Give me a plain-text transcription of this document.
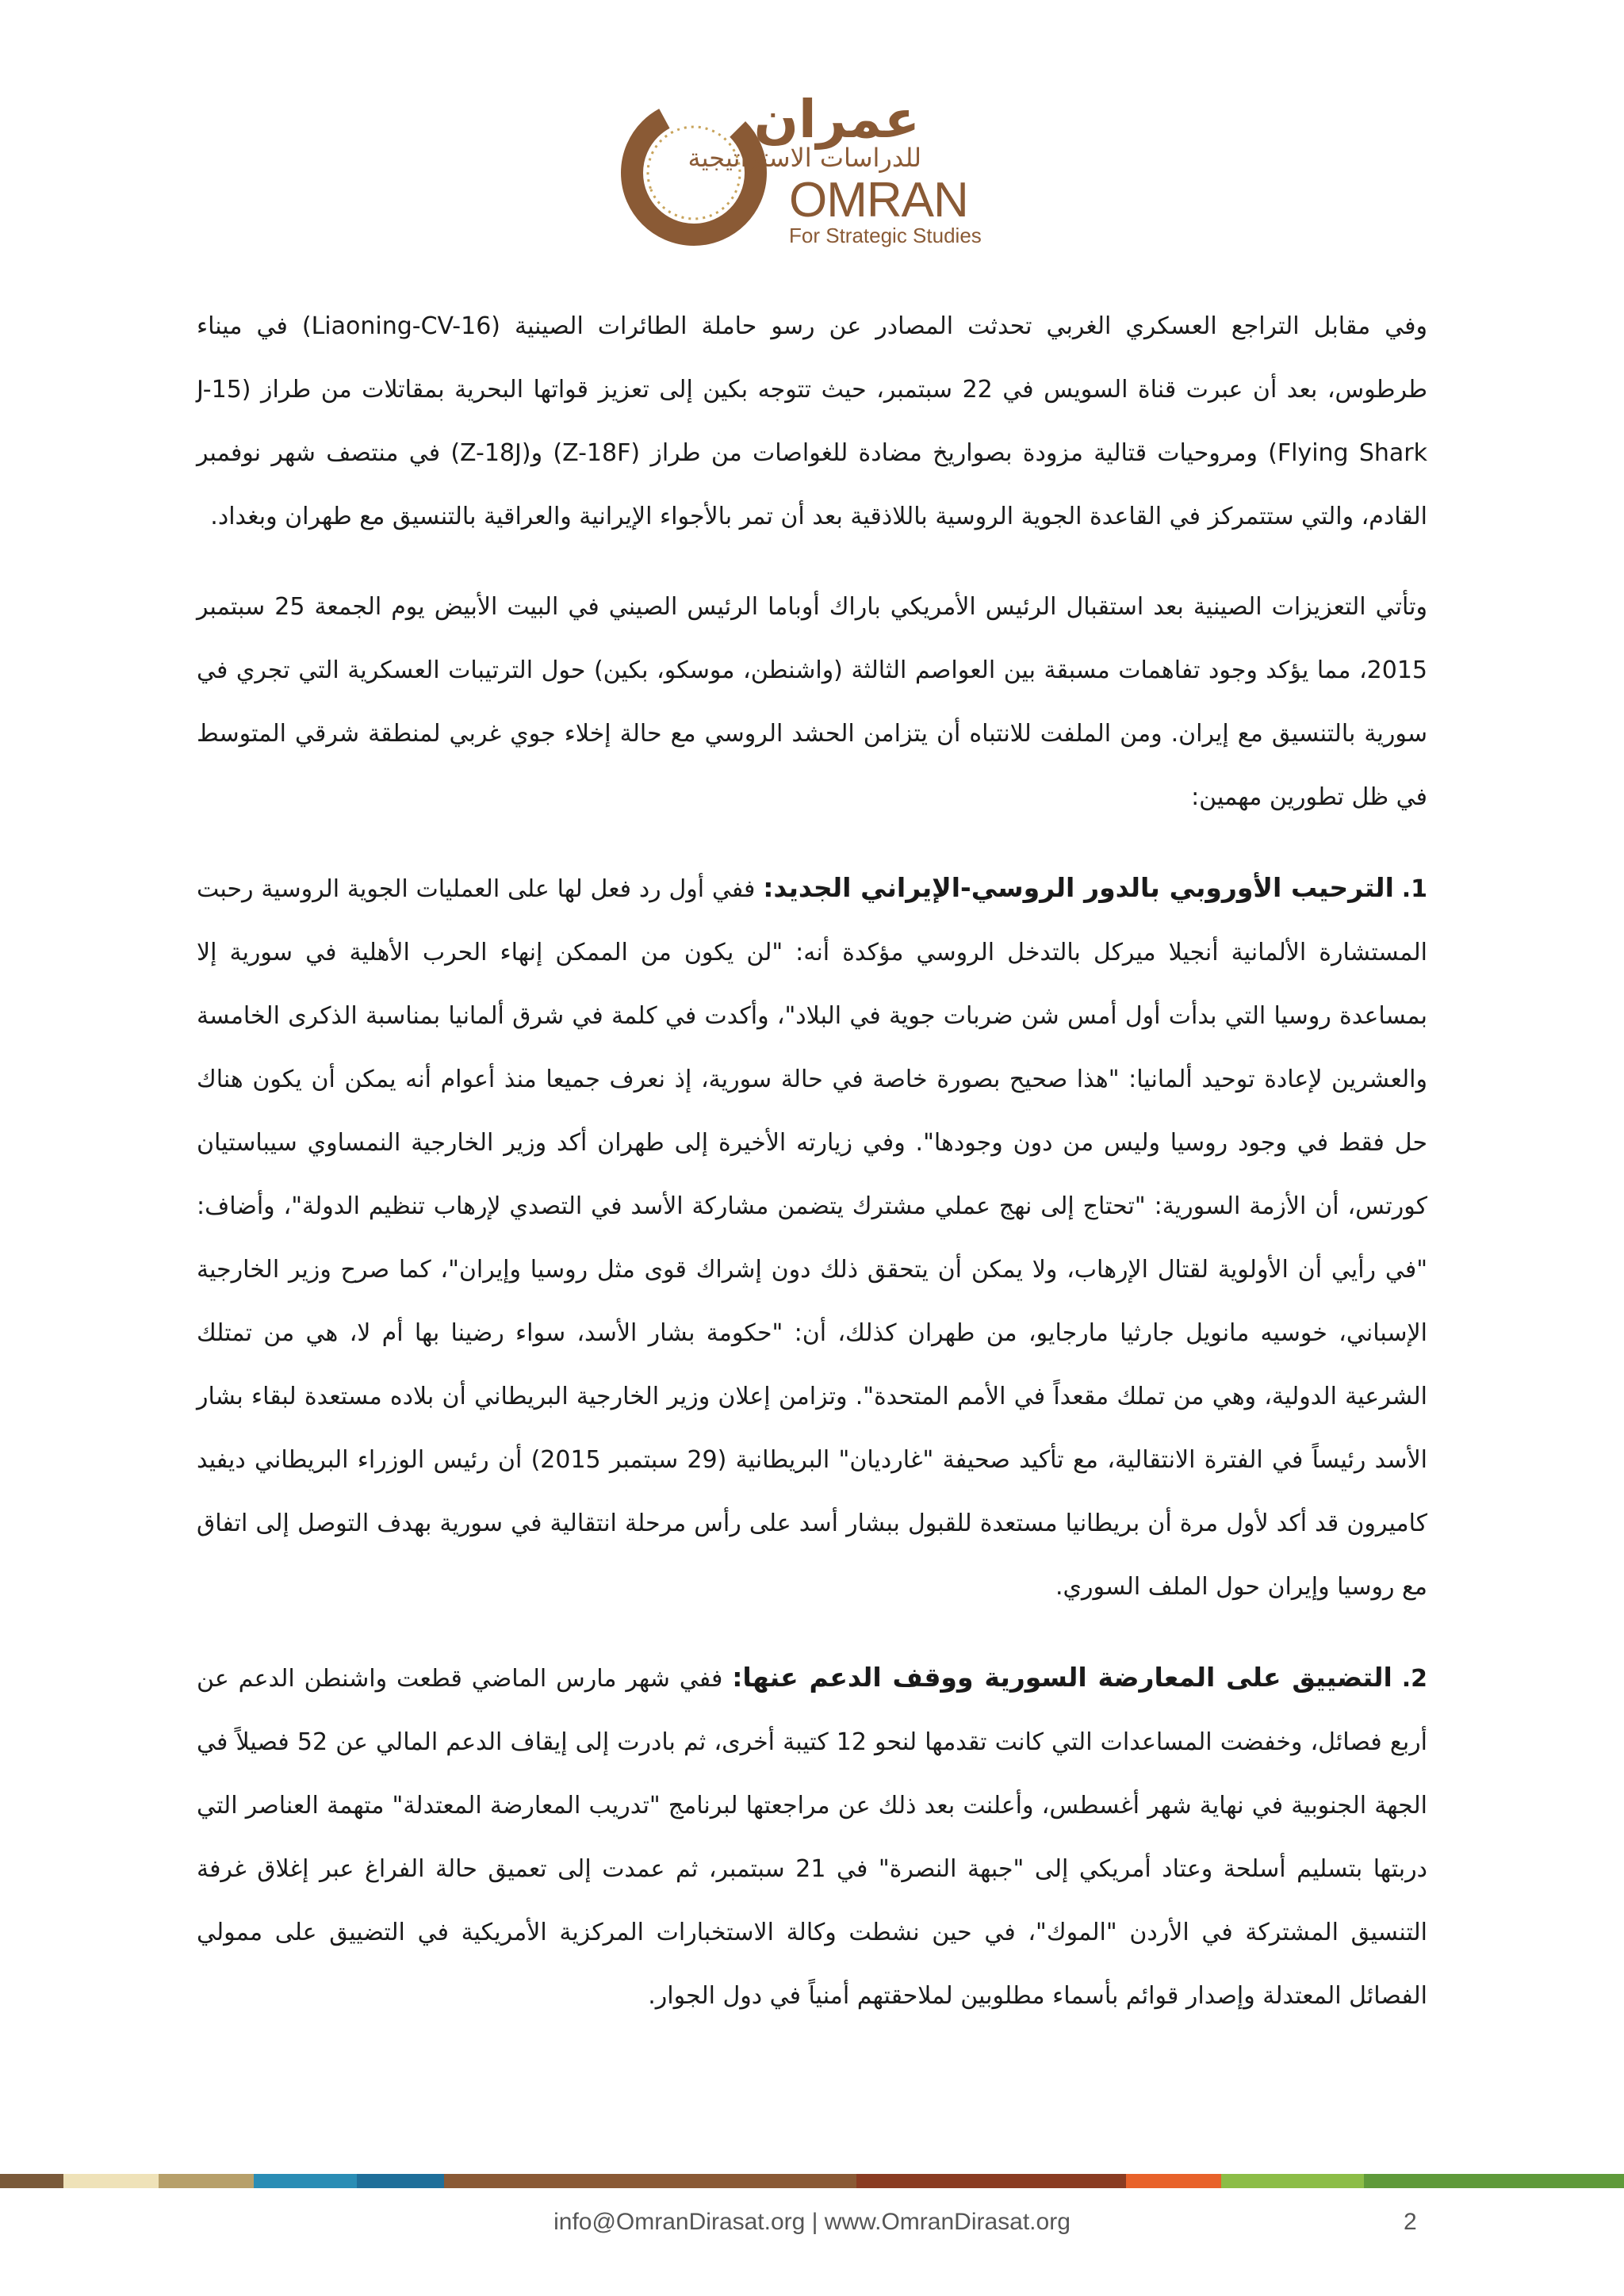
عمران
للدراسات الاستراتيجية
OMRAN
For Strategic Studies

وفي مقابل التراجع العسكري الغربي تحدثت المصادر عن رسو حاملة الطائرات الصينية (Liaoning-CV-16) في ميناء طرطوس، بعد أن عبرت قناة السويس في 22 سبتمبر، حيث تتوجه بكين إلى تعزيز قواتها البحرية بمقاتلات من طراز (J-15 Flying Shark) ومروحيات قتالية مزودة بصواريخ مضادة للغواصات من طراز (Z-18F) و(Z-18J) في منتصف شهر نوفمبر القادم، والتي ستتمركز في القاعدة الجوية الروسية باللاذقية بعد أن تمر بالأجواء الإيرانية والعراقية بالتنسيق مع طهران وبغداد.

وتأتي التعزيزات الصينية بعد استقبال الرئيس الأمريكي باراك أوباما الرئيس الصيني في البيت الأبيض يوم الجمعة 25 سبتمبر 2015، مما يؤكد وجود تفاهمات مسبقة بين العواصم الثالثة (واشنطن، موسكو، بكين) حول الترتيبات العسكرية التي تجري في سورية بالتنسيق مع إيران. ومن الملفت للانتباه أن يتزامن الحشد الروسي مع حالة إخلاء جوي غربي لمنطقة شرقي المتوسط في ظل تطورين مهمين:

1. الترحيب الأوروبي بالدور الروسي-الإيراني الجديد: ففي أول رد فعل لها على العمليات الجوية الروسية رحبت المستشارة الألمانية أنجيلا ميركل بالتدخل الروسي مؤكدة أنه: "لن يكون من الممكن إنهاء الحرب الأهلية في سورية إلا بمساعدة روسيا التي بدأت أول أمس شن ضربات جوية في البلاد"، وأكدت في كلمة في شرق ألمانيا بمناسبة الذكرى الخامسة والعشرين لإعادة توحيد ألمانيا: "هذا صحيح بصورة خاصة في حالة سورية، إذ نعرف جميعا منذ أعوام أنه يمكن أن يكون هناك حل فقط في وجود روسيا وليس من دون وجودها". وفي زيارته الأخيرة إلى طهران أكد وزير الخارجية النمساوي سيباستيان كورتس، أن الأزمة السورية: "تحتاج إلى نهج عملي مشترك يتضمن مشاركة الأسد في التصدي لإرهاب تنظيم الدولة"، وأضاف: "في رأيي أن الأولوية لقتال الإرهاب، ولا يمكن أن يتحقق ذلك دون إشراك قوى مثل روسيا وإيران"، كما صرح وزير الخارجية الإسباني، خوسيه مانويل جارثيا مارجايو، من طهران كذلك، أن: "حكومة بشار الأسد، سواء رضينا بها أم لا، هي من تمتلك الشرعية الدولية، وهي من تملك مقعداً في الأمم المتحدة". وتزامن إعلان وزير الخارجية البريطاني أن بلاده مستعدة لبقاء بشار الأسد رئيساً في الفترة الانتقالية، مع تأكيد صحيفة "غارديان" البريطانية (29 سبتمبر 2015) أن رئيس الوزراء البريطاني ديفيد كاميرون قد أكد لأول مرة أن بريطانيا مستعدة للقبول ببشار أسد على رأس مرحلة انتقالية في سورية بهدف التوصل إلى اتفاق مع روسيا وإيران حول الملف السوري.

2. التضييق على المعارضة السورية ووقف الدعم عنها: ففي شهر مارس الماضي قطعت واشنطن الدعم عن أربع فصائل، وخفضت المساعدات التي كانت تقدمها لنحو 12 كتيبة أخرى، ثم بادرت إلى إيقاف الدعم المالي عن 52 فصيلاً في الجهة الجنوبية في نهاية شهر أغسطس، وأعلنت بعد ذلك عن مراجعتها لبرنامج "تدريب المعارضة المعتدلة" متهمة العناصر التي دربتها بتسليم أسلحة وعتاد أمريكي إلى "جبهة النصرة" في 21 سبتمبر، ثم عمدت إلى تعميق حالة الفراغ عبر إغلاق غرفة التنسيق المشتركة في الأردن "الموك"، في حين نشطت وكالة الاستخبارات المركزية الأمريكية في التضييق على ممولي الفصائل المعتدلة وإصدار قوائم بأسماء مطلوبين لملاحقتهم أمنياً في دول الجوار.

info@OmranDirasat.org | www.OmranDirasat.org	2
